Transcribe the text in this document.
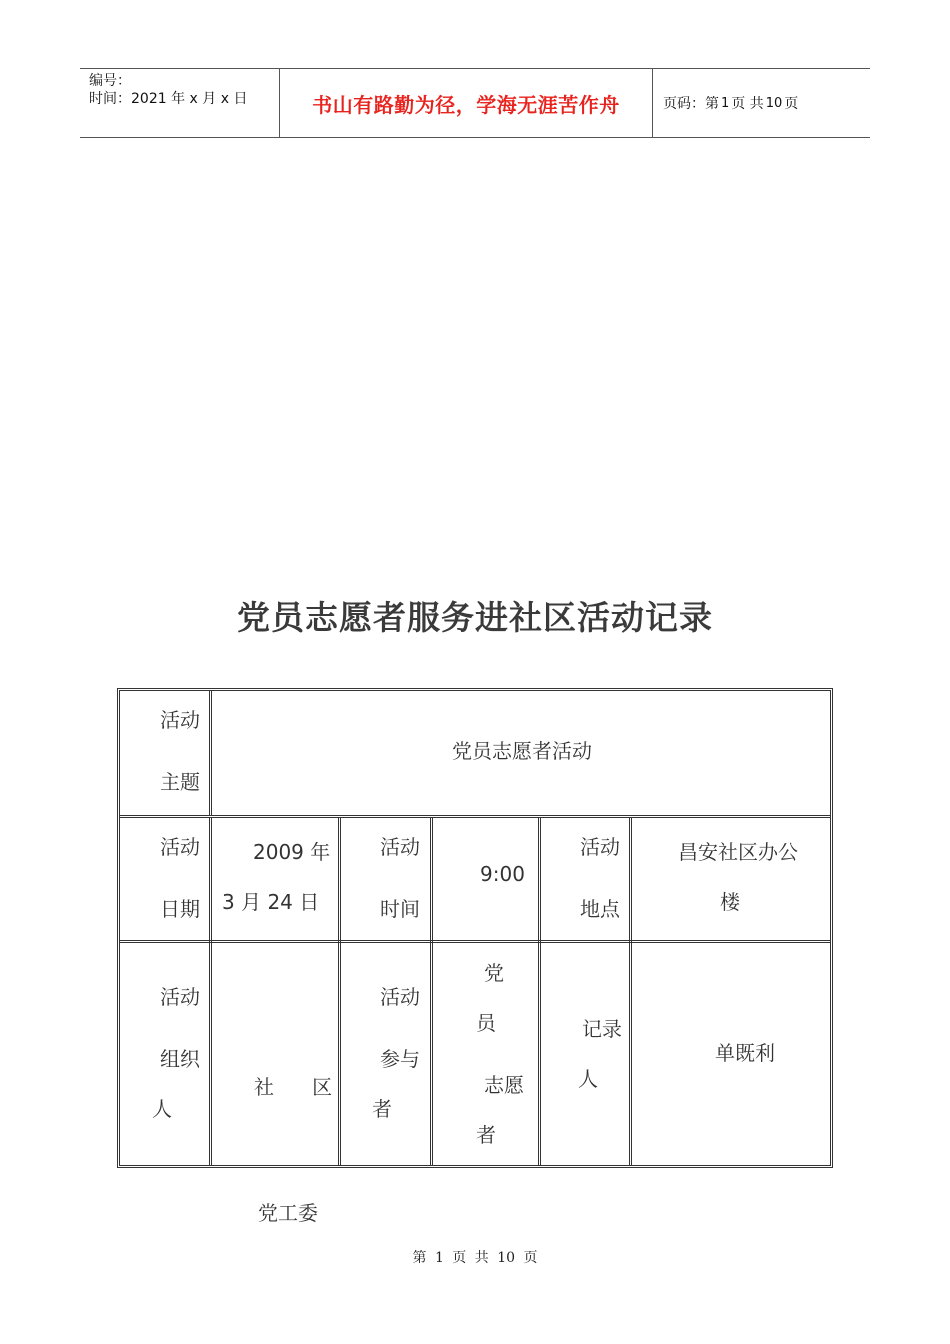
编号：
时间：2021 年 x 月 x 日	书山有路勤为径，学海无涯苦作舟	页码：第 1 页 共 10 页
党员志愿者服务进社区活动记录
活动
主题
党员志愿者活动
活动
日期
2009 年
3 月 24 日
活动
时间
9:00
活动
地点
昌安社区办公
楼
活动
组织
人

社      区

党工委

活动
参与
者
党
员
志愿
者
记录
人
单既利
第 1 页 共 10 页
